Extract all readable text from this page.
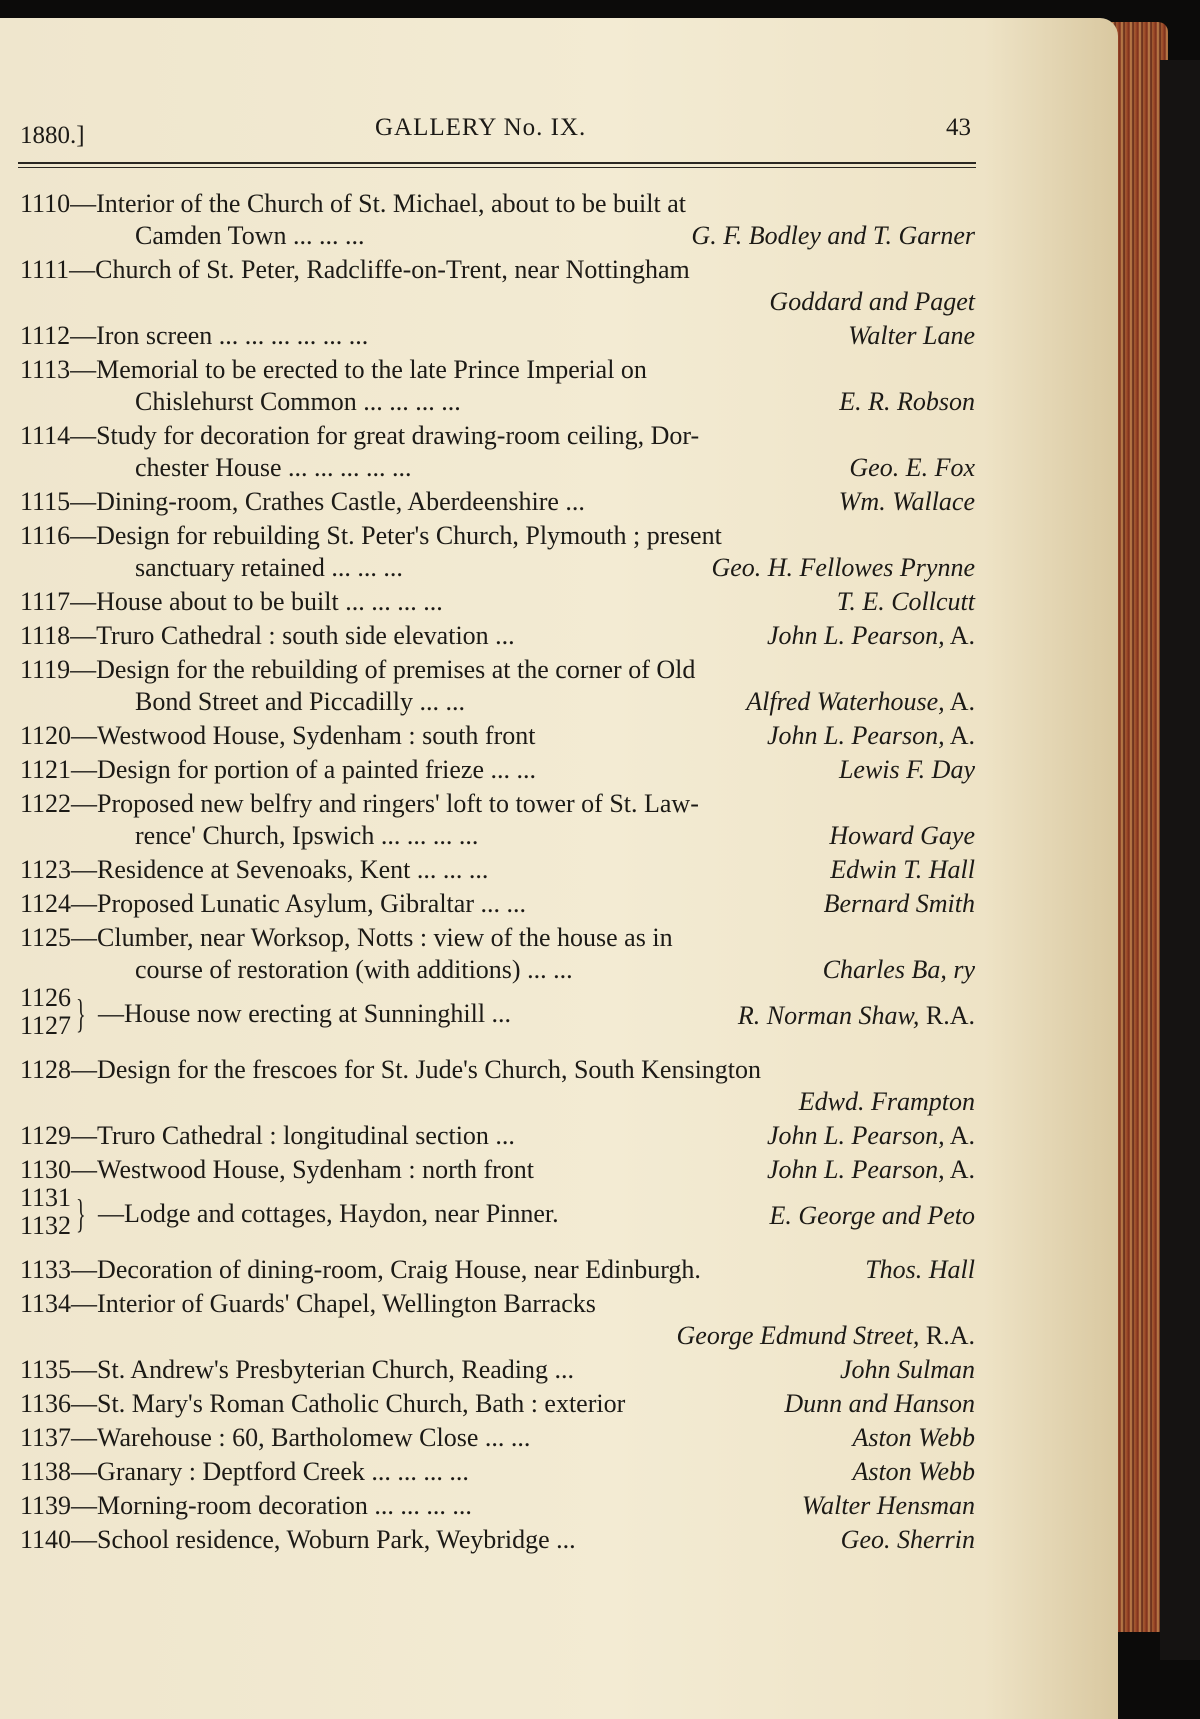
1880.]	GALLERY No. IX.	43
1110—Interior of the Church of St. Michael, about to be built at
Camden Town ... ... ...	G. F. Bodley and T. Garner
1111—Church of St. Peter, Radcliffe-on-Trent, near Nottingham
Goddard and Paget
1112—Iron screen ... ... ... ... ... ...	Walter Lane
1113—Memorial to be erected to the late Prince Imperial on
Chislehurst Common ... ... ... ...	E. R. Robson
1114—Study for decoration for great drawing-room ceiling, Dor-
chester House ... ... ... ... ...	Geo. E. Fox
1115—Dining-room, Crathes Castle, Aberdeenshire ...	Wm. Wallace
1116—Design for rebuilding St. Peter's Church, Plymouth ; present
sanctuary retained ... ... ...	Geo. H. Fellowes Prynne
1117—House about to be built ... ... ... ...	T. E. Collcutt
1118—Truro Cathedral : south side elevation ...	John L. Pearson, A.
1119—Design for the rebuilding of premises at the corner of Old
Bond Street and Piccadilly ... ...	Alfred Waterhouse, A.
1120—Westwood House, Sydenham : south front	John L. Pearson, A.
1121—Design for portion of a painted frieze ... ...	Lewis F. Day
1122—Proposed new belfry and ringers' loft to tower of St. Law-
rence' Church, Ipswich ... ... ... ...	Howard Gaye
1123—Residence at Sevenoaks, Kent ... ... ...	Edwin T. Hall
1124—Proposed Lunatic Asylum, Gibraltar ... ...	Bernard Smith
1125—Clumber, near Worksop, Notts : view of the house as in
course of restoration (with additions) ... ...	Charles Ba, ry
1126
1127 } —House now erecting at Sunninghill ...	R. Norman Shaw, R.A.
1128—Design for the frescoes for St. Jude's Church, South Kensington
Edwd. Frampton
1129—Truro Cathedral : longitudinal section ...	John L. Pearson, A.
1130—Westwood House, Sydenham : north front	John L. Pearson, A.
1131
1132 } —Lodge and cottages, Haydon, near Pinner.	E. George and Peto
1133—Decoration of dining-room, Craig House, near Edinburgh.	Thos. Hall
1134—Interior of Guards' Chapel, Wellington Barracks
George Edmund Street, R.A.
1135—St. Andrew's Presbyterian Church, Reading ...	John Sulman
1136—St. Mary's Roman Catholic Church, Bath : exterior	Dunn and Hanson
1137—Warehouse : 60, Bartholomew Close ... ...	Aston Webb
1138—Granary : Deptford Creek ... ... ... ...	Aston Webb
1139—Morning-room decoration ... ... ... ...	Walter Hensman
1140—School residence, Woburn Park, Weybridge ...	Geo. Sherrin
